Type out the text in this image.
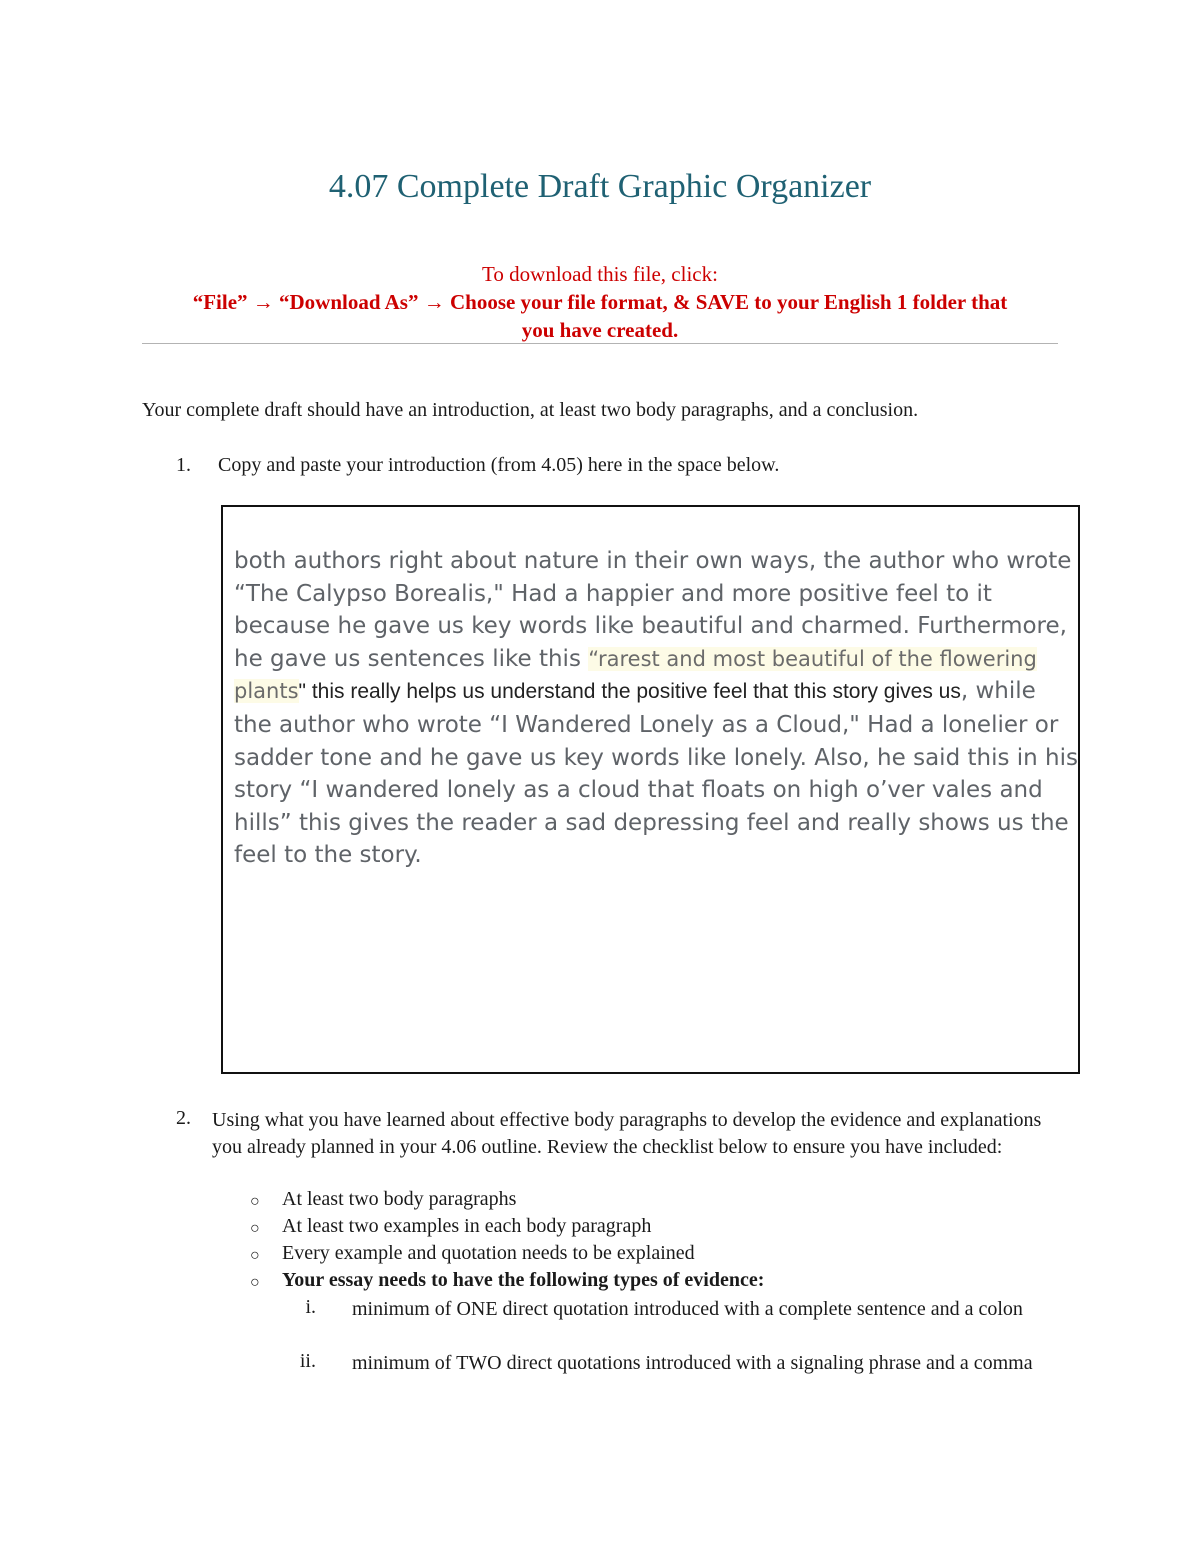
4.07 Complete Draft Graphic Organizer
To download this file, click:
“File” → “Download As” → Choose your file format, & SAVE to your English 1 folder that
you have created.
Your complete draft should have an introduction, at least two body paragraphs, and a conclusion.
1. Copy and paste your introduction (from 4.05) here in the space below.
both authors right about nature in their own ways, the author who wrote “The Calypso Borealis," Had a happier and more positive feel to it because he gave us key words like beautiful and charmed. Furthermore, he gave us sentences like this “rarest and most beautiful of the flowering plants" this really helps us understand the positive feel that this story gives us, while the author who wrote “I Wandered Lonely as a Cloud," Had a lonelier or sadder tone and he gave us key words like lonely. Also, he said this in his story “I wandered lonely as a cloud that floats on high o’ver vales and hills” this gives the reader a sad depressing feel and really shows us the feel to the story.
2. Using what you have learned about effective body paragraphs to develop the evidence and explanations you already planned in your 4.06 outline. Review the checklist below to ensure you have included:
○ At least two body paragraphs
○ At least two examples in each body paragraph
○ Every example and quotation needs to be explained
○ Your essay needs to have the following types of evidence:
i. minimum of ONE direct quotation introduced with a complete sentence and a colon
ii. minimum of TWO direct quotations introduced with a signaling phrase and a comma
